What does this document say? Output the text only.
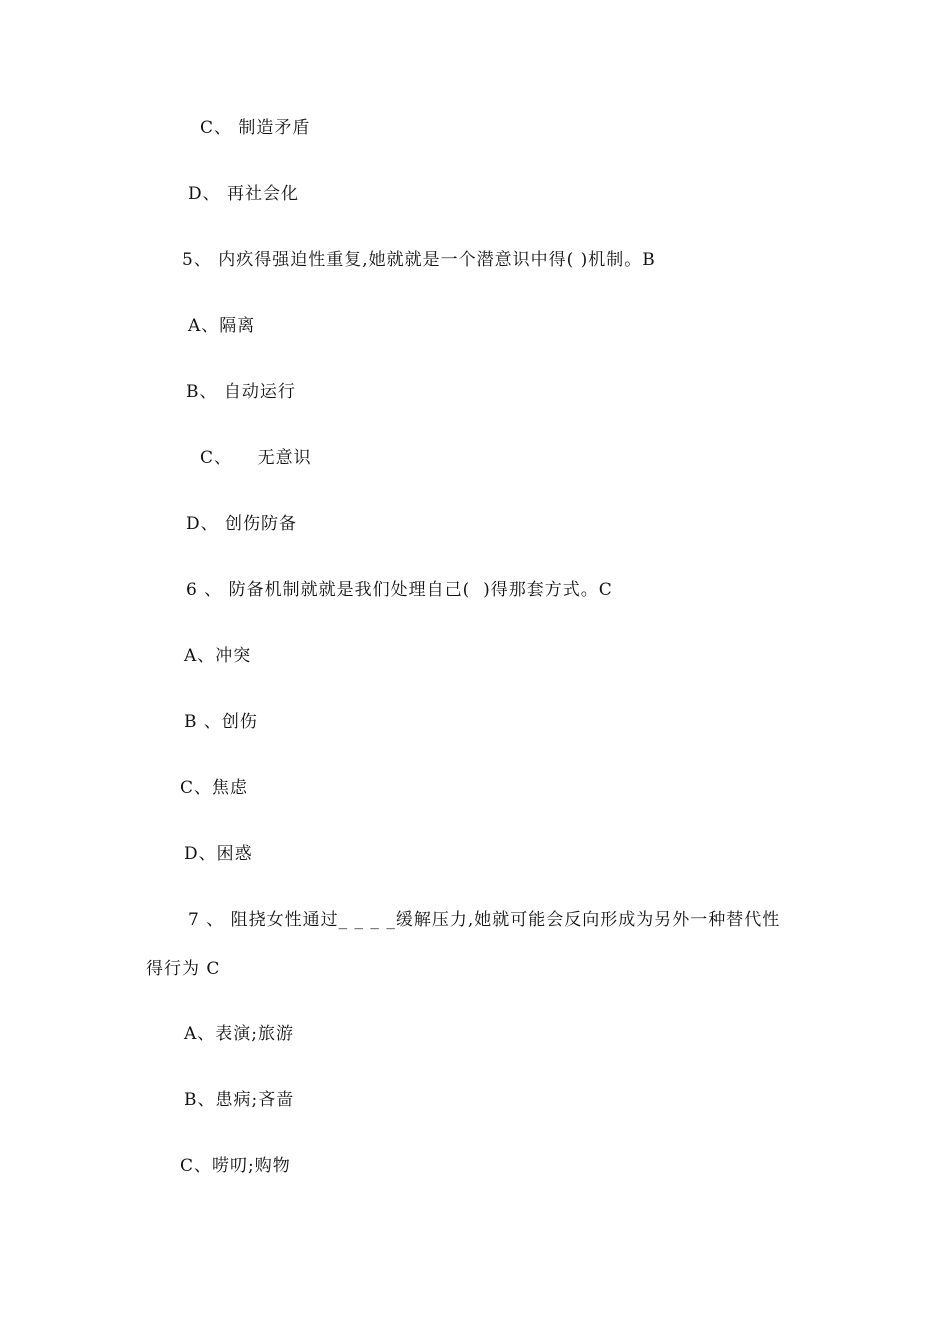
C、 制造矛盾
D、 再社会化
5、 内疚得强迫性重复,她就就是一个潜意识中得( )机制。B
A、隔离
B、 自动运行
C、    无意识
D、 创伤防备
6 、 防备机制就就是我们处理自己(  )得那套方式。C
A、冲突
B 、创伤
C、焦虑
D、困惑
7 、 阻挠女性通过_ _ _ _缓解压力,她就可能会反向形成为另外一种替代性
得行为 C
A、表演;旅游
B、患病;吝啬
C、唠叨;购物
